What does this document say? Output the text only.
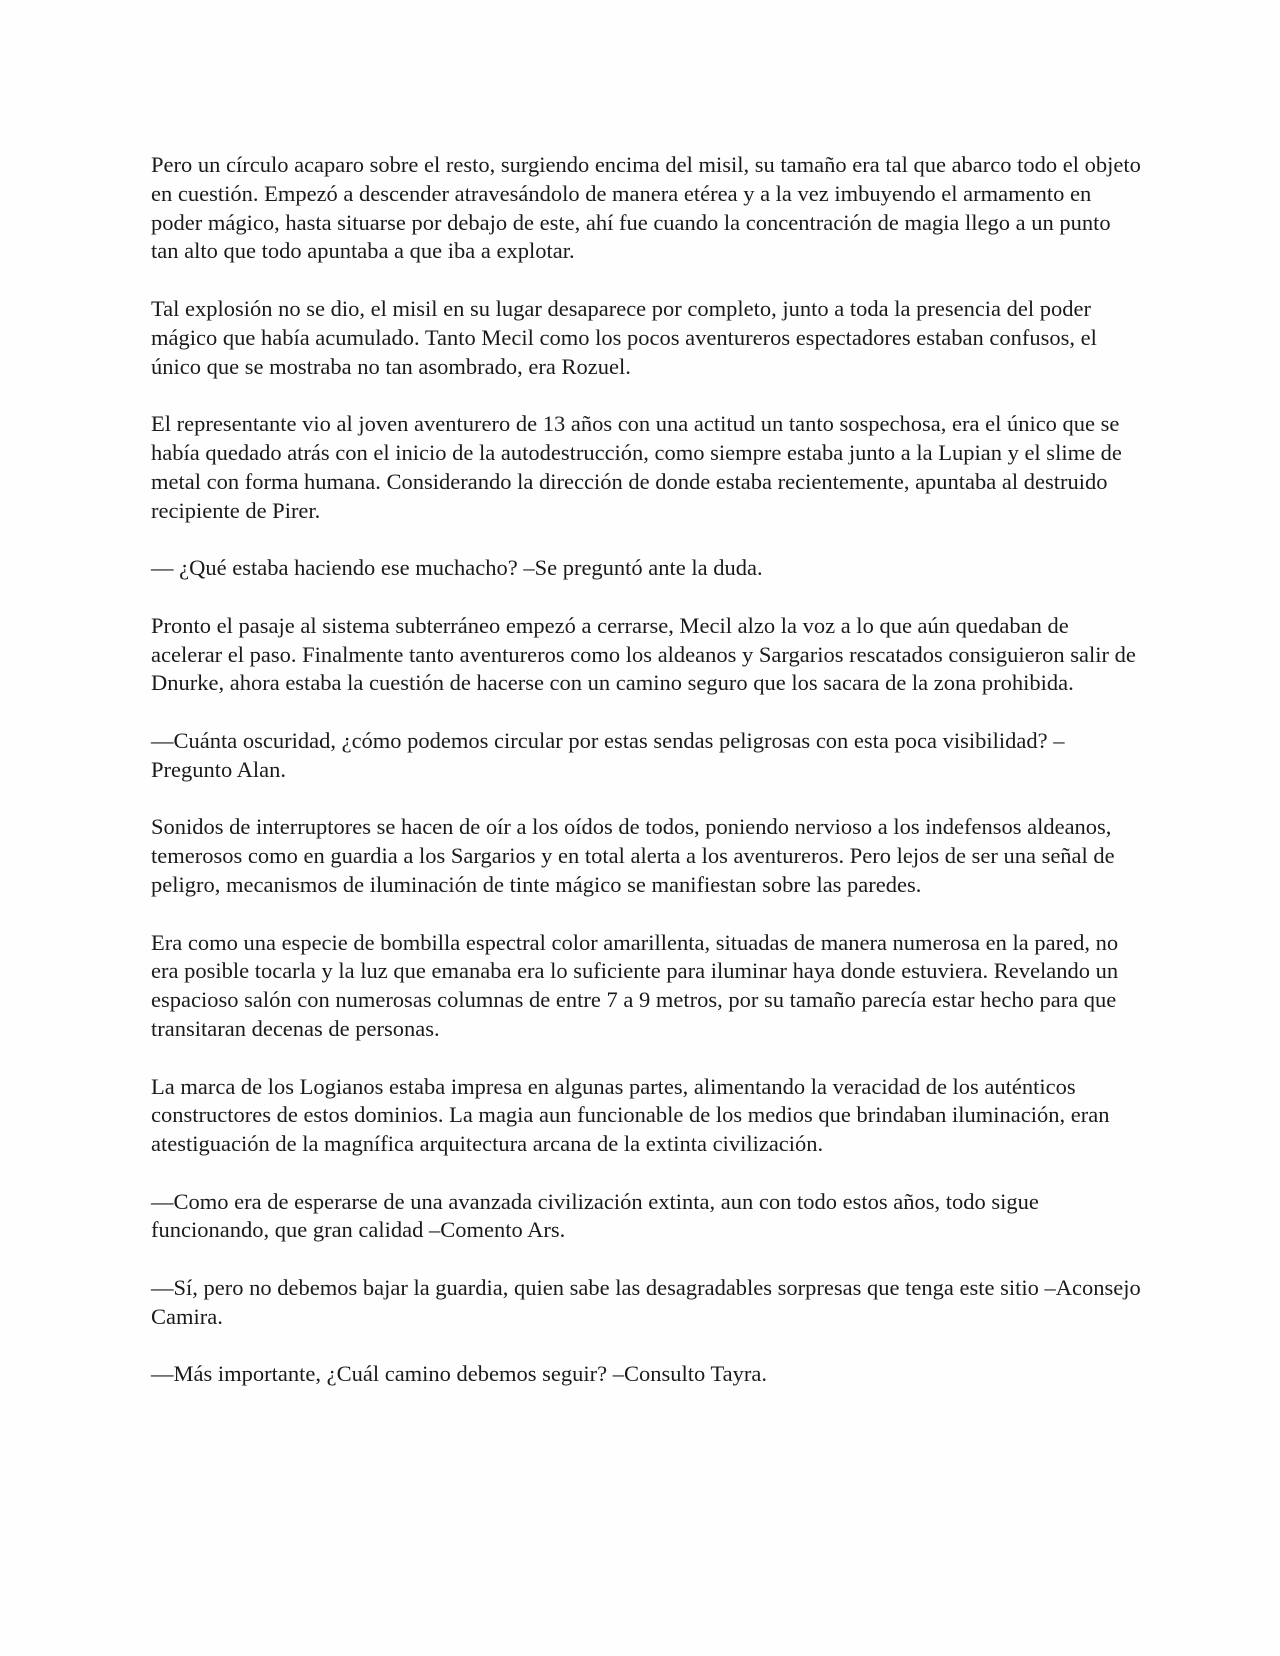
Pero un círculo acaparo sobre el resto, surgiendo encima del misil, su tamaño era tal que abarco todo el objeto en cuestión. Empezó a descender atravesándolo de manera etérea y a la vez imbuyendo el armamento en poder mágico, hasta situarse por debajo de este, ahí fue cuando la concentración de magia llego a un punto tan alto que todo apuntaba a que iba a explotar.

Tal explosión no se dio, el misil en su lugar desaparece por completo, junto a toda la presencia del poder mágico que había acumulado. Tanto Mecil como los pocos aventureros espectadores estaban confusos, el único que se mostraba no tan asombrado, era Rozuel.

El representante vio al joven aventurero de 13 años con una actitud un tanto sospechosa, era el único que se había quedado atrás con el inicio de la autodestrucción, como siempre estaba junto a la Lupian y el slime de metal con forma humana. Considerando la dirección de donde estaba recientemente, apuntaba al destruido recipiente de Pirer.

— ¿Qué estaba haciendo ese muchacho? –Se preguntó ante la duda.

Pronto el pasaje al sistema subterráneo empezó a cerrarse, Mecil alzo la voz a lo que aún quedaban de acelerar el paso. Finalmente tanto aventureros como los aldeanos y Sargarios rescatados consiguieron salir de Dnurke, ahora estaba la cuestión de hacerse con un camino seguro que los sacara de la zona prohibida.

—Cuánta oscuridad, ¿cómo podemos circular por estas sendas peligrosas con esta poca visibilidad? –Pregunto Alan.

Sonidos de interruptores se hacen de oír a los oídos de todos, poniendo nervioso a los indefensos aldeanos, temerosos como en guardia a los Sargarios y en total alerta a los aventureros. Pero lejos de ser una señal de peligro, mecanismos de iluminación de tinte mágico se manifiestan sobre las paredes.

Era como una especie de bombilla espectral color amarillenta, situadas de manera numerosa en la pared, no era posible tocarla y la luz que emanaba era lo suficiente para iluminar haya donde estuviera. Revelando un espacioso salón con numerosas columnas de entre 7 a 9 metros, por su tamaño parecía estar hecho para que transitaran decenas de personas.

La marca de los Logianos estaba impresa en algunas partes, alimentando la veracidad de los auténticos constructores de estos dominios. La magia aun funcionable de los medios que brindaban iluminación, eran atestiguación de la magnífica arquitectura arcana de la extinta civilización.

—Como era de esperarse de una avanzada civilización extinta, aun con todo estos años, todo sigue funcionando, que gran calidad –Comento Ars.

—Sí, pero no debemos bajar la guardia, quien sabe las desagradables sorpresas que tenga este sitio –Aconsejo Camira.

—Más importante, ¿Cuál camino debemos seguir? –Consulto Tayra.
